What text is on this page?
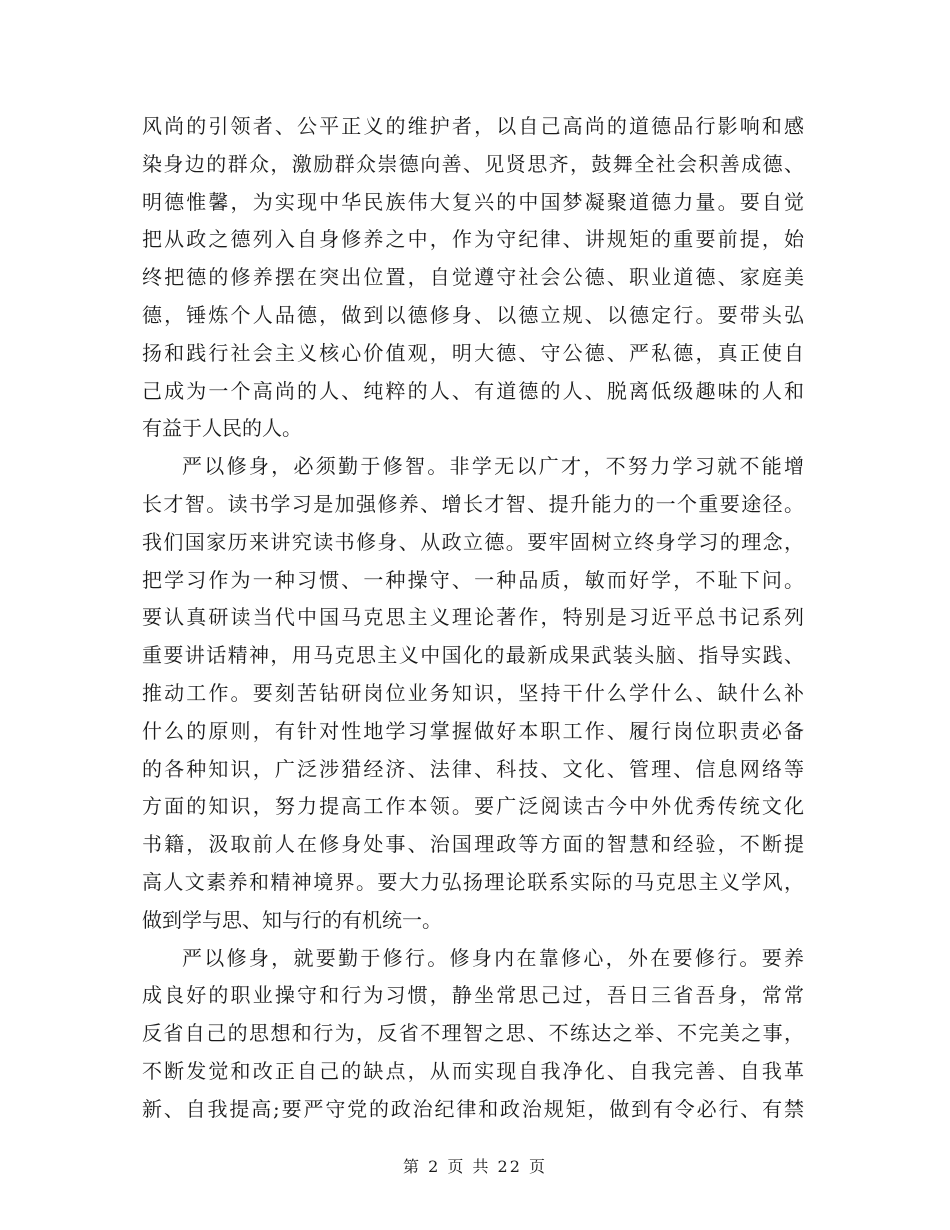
风尚的引领者、公平正义的维护者，以自己高尚的道德品行影响和感
染身边的群众，激励群众崇德向善、见贤思齐，鼓舞全社会积善成德、
明德惟馨，为实现中华民族伟大复兴的中国梦凝聚道德力量。要自觉
把从政之德列入自身修养之中，作为守纪律、讲规矩的重要前提，始
终把德的修养摆在突出位置，自觉遵守社会公德、职业道德、家庭美
德，锤炼个人品德，做到以德修身、以德立规、以德定行。要带头弘
扬和践行社会主义核心价值观，明大德、守公德、严私德，真正使自
己成为一个高尚的人、纯粹的人、有道德的人、脱离低级趣味的人和
有益于人民的人。
严以修身，必须勤于修智。非学无以广才，不努力学习就不能增
长才智。读书学习是加强修养、增长才智、提升能力的一个重要途径。
我们国家历来讲究读书修身、从政立德。要牢固树立终身学习的理念，
把学习作为一种习惯、一种操守、一种品质，敏而好学，不耻下问。
要认真研读当代中国马克思主义理论著作，特别是习近平总书记系列
重要讲话精神，用马克思主义中国化的最新成果武装头脑、指导实践、
推动工作。要刻苦钻研岗位业务知识，坚持干什么学什么、缺什么补
什么的原则，有针对性地学习掌握做好本职工作、履行岗位职责必备
的各种知识，广泛涉猎经济、法律、科技、文化、管理、信息网络等
方面的知识，努力提高工作本领。要广泛阅读古今中外优秀传统文化
书籍，汲取前人在修身处事、治国理政等方面的智慧和经验，不断提
高人文素养和精神境界。要大力弘扬理论联系实际的马克思主义学风，
做到学与思、知与行的有机统一。
严以修身，就要勤于修行。修身内在靠修心，外在要修行。要养
成良好的职业操守和行为习惯，静坐常思己过，吾日三省吾身，常常
反省自己的思想和行为，反省不理智之思、不练达之举、不完美之事，
不断发觉和改正自己的缺点，从而实现自我净化、自我完善、自我革
新、自我提高;要严守党的政治纪律和政治规矩，做到有令必行、有禁
第 2 页 共 22 页
